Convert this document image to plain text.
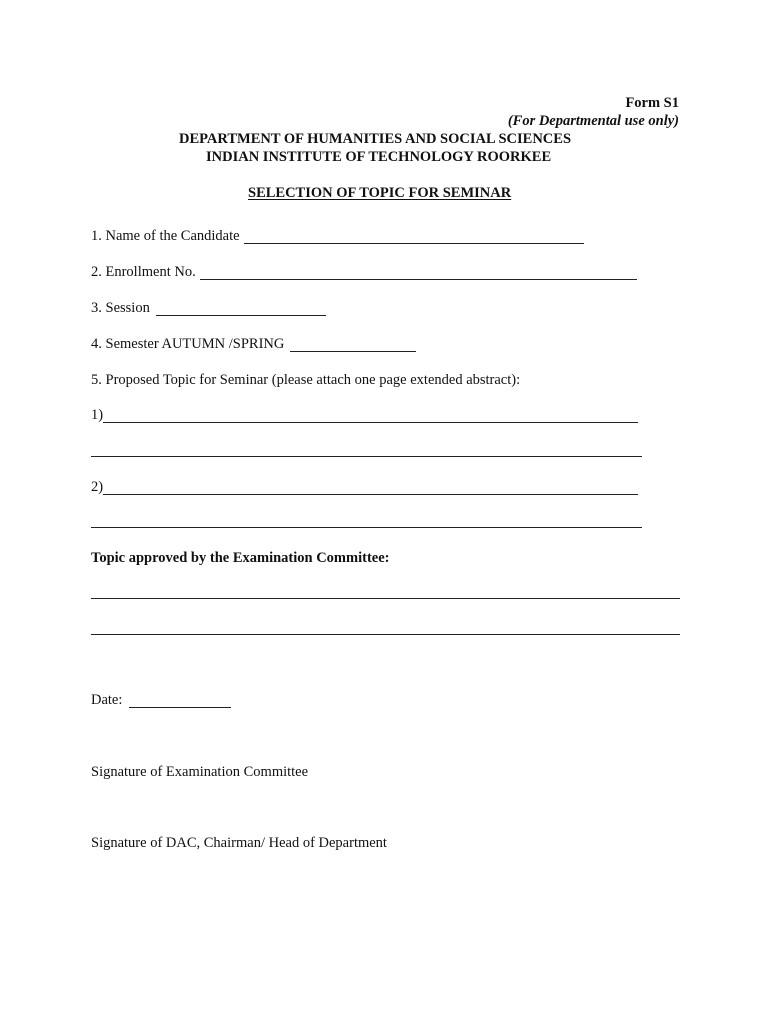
Form S1
(For Departmental use only)
DEPARTMENT OF HUMANITIES AND SOCIAL SCIENCES
INDIAN INSTITUTE OF TECHNOLOGY ROORKEE
SELECTION OF TOPIC FOR SEMINAR
1. Name of the Candidate
2. Enrollment No.
3. Session
4. Semester AUTUMN /SPRING
5. Proposed Topic for Seminar (please attach one page extended abstract):
1)
2)
Topic approved by the Examination Committee:
Date:
Signature of Examination Committee
Signature of DAC, Chairman/ Head of Department
